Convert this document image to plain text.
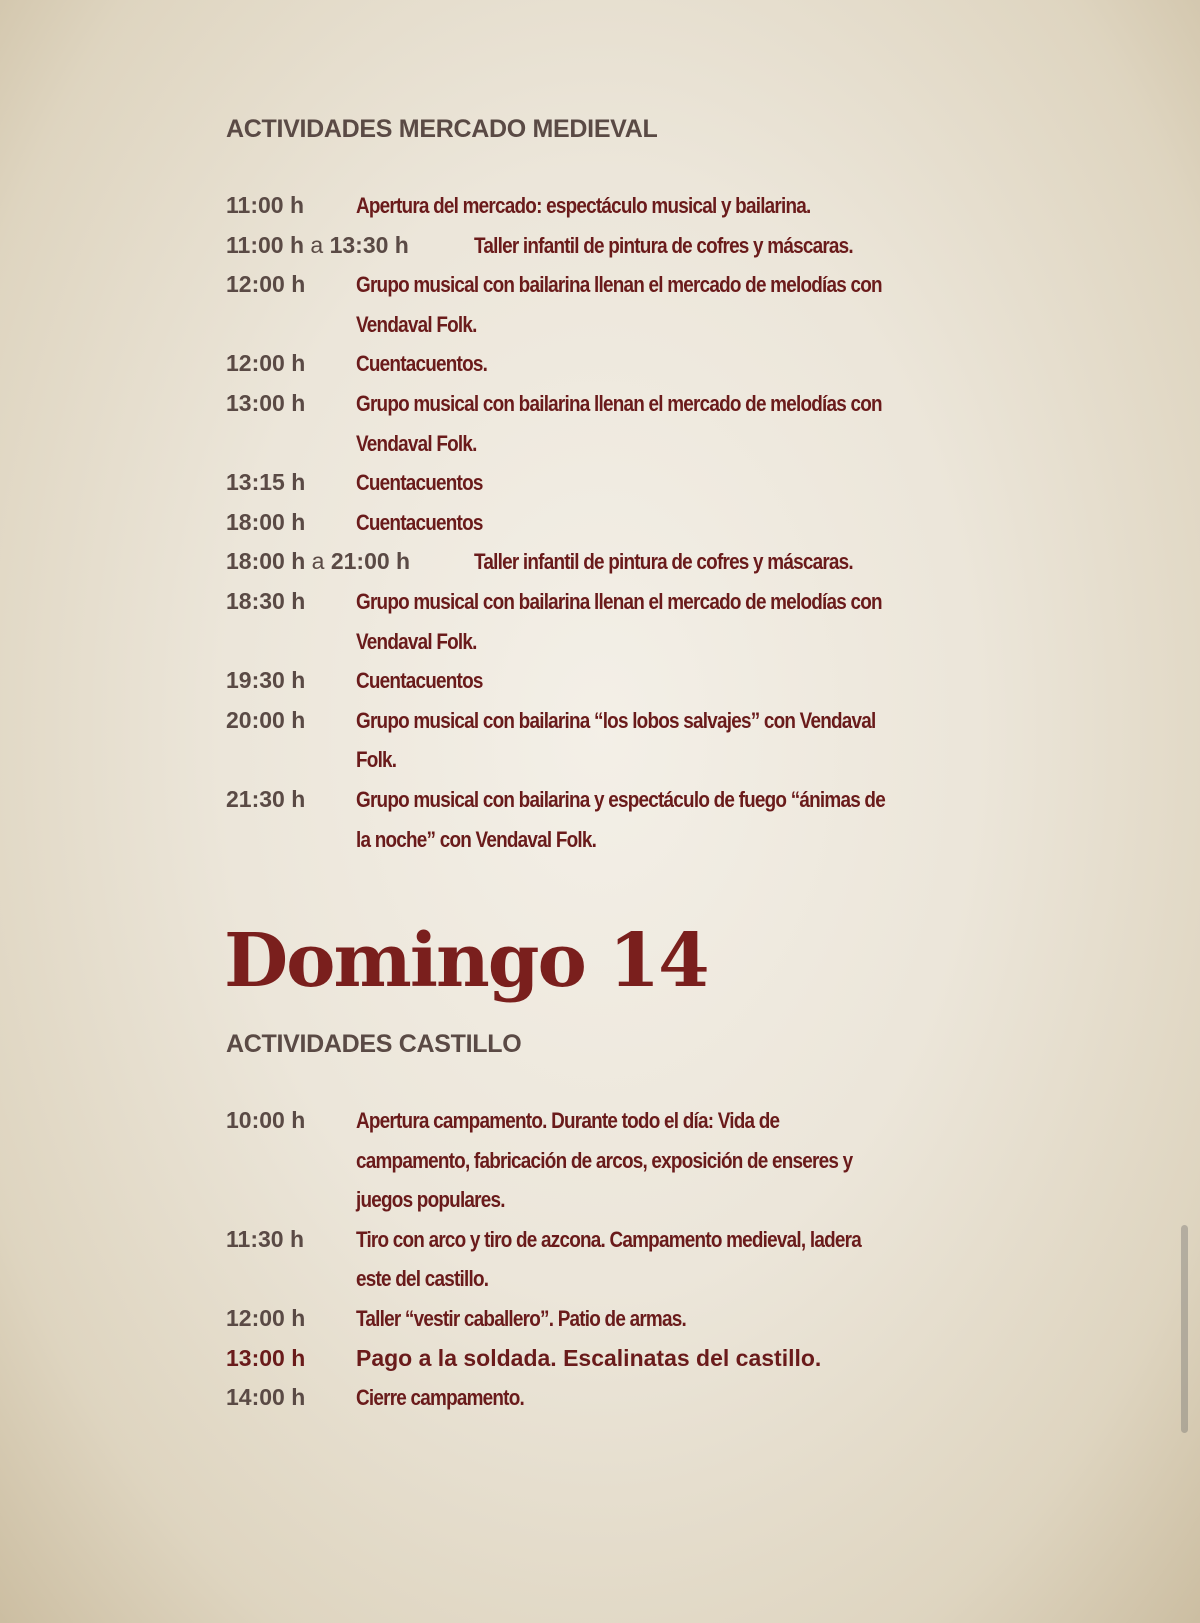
ACTIVIDADES MERCADO MEDIEVAL
11:00 h Apertura del mercado: espectáculo musical y bailarina.
11:00 h a 13:30 h	Taller infantil de pintura de cofres y máscaras.
12:00 h Grupo musical con bailarina llenan el mercado de melodías con
Vendaval Folk.
12:00 h Cuentacuentos.
13:00 h Grupo musical con bailarina llenan el mercado de melodías con
Vendaval Folk.
13:15 h Cuentacuentos
18:00 h Cuentacuentos
18:00 h a 21:00 h	Taller infantil de pintura de cofres y máscaras.
18:30 h Grupo musical con bailarina llenan el mercado de melodías con
Vendaval Folk.
19:30 h Cuentacuentos
20:00 h Grupo musical con bailarina “los lobos salvajes” con Vendaval
Folk.
21:30 h Grupo musical con bailarina y espectáculo de fuego “ánimas de
la noche” con Vendaval Folk.
Domingo 14
ACTIVIDADES CASTILLO
10:00 h Apertura campamento. Durante todo el día: Vida de
campamento, fabricación de arcos, exposición de enseres y
juegos populares.
11:30 h Tiro con arco y tiro de azcona. Campamento medieval, ladera
este del castillo.
12:00 h Taller “vestir caballero”. Patio de armas.
13:00 h Pago a la soldada. Escalinatas del castillo.
14:00 h Cierre campamento.
